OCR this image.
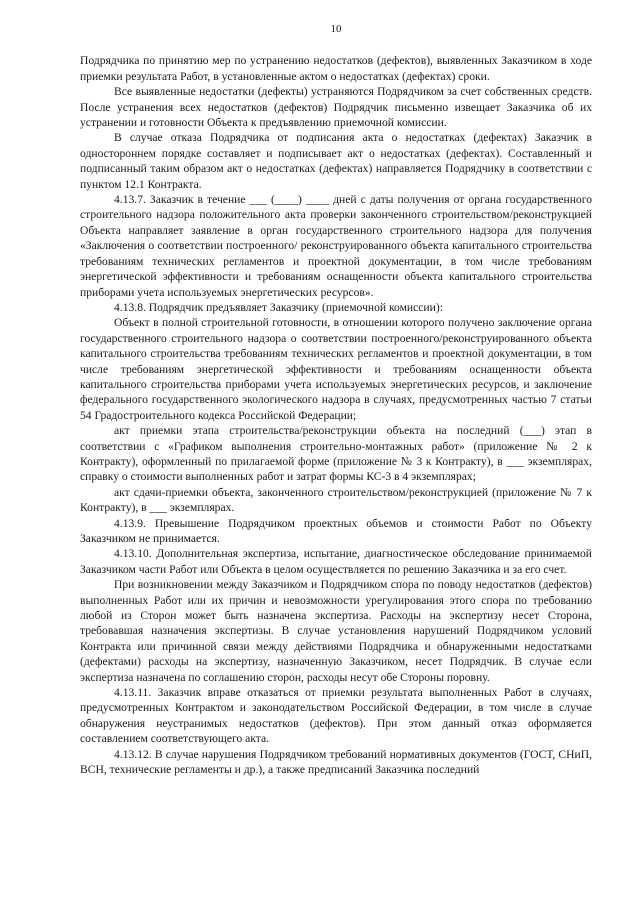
10

Подрядчика по принятию мер по устранению недостатков (дефектов), выявленных Заказчиком в ходе приемки результата Работ, в установленные актом о недостатках (дефектах) сроки.

Все выявленные недостатки (дефекты) устраняются Подрядчиком за счет собственных средств. После устранения всех недостатков (дефектов) Подрядчик письменно извещает Заказчика об их устранении и готовности Объекта к предъявлению приемочной комиссии.

В случае отказа Подрядчика от подписания акта о недостатках (дефектах) Заказчик в одностороннем порядке составляет и подписывает акт о недостатках (дефектах). Составленный и подписанный таким образом акт о недостатках (дефектах) направляется Подрядчику в соответствии с пунктом 12.1 Контракта.

4.13.7. Заказчик в течение ___ (____) ____ дней с даты получения от органа государственного строительного надзора положительного акта проверки законченного строительством/реконструкцией Объекта направляет заявление в орган государственного строительного надзора для получения «Заключения о соответствии построенного/ реконструированного объекта капитального строительства требованиям технических регламентов и проектной документации, в том числе требованиям энергетической эффективности и требованиям оснащенности объекта капитального строительства приборами учета используемых энергетических ресурсов».

4.13.8. Подрядчик предъявляет Заказчику (приемочной комиссии):

Объект в полной строительной готовности, в отношении которого получено заключение органа государственного строительного надзора о соответствии построенного/реконструированного объекта капитального строительства требованиям технических регламентов и проектной документации, в том числе требованиям энергетической эффективности и требованиям оснащенности объекта капитального строительства приборами учета используемых энергетических ресурсов, и заключение федерального государственного экологического надзора в случаях, предусмотренных частью 7 статьи 54 Градостроительного кодекса Российской Федерации;

акт приемки этапа строительства/реконструкции объекта на последний (___) этап в соответствии с «Графиком выполнения строительно-монтажных работ» (приложение № 2 к Контракту), оформленный по прилагаемой форме (приложение № 3 к Контракту), в ___ экземплярах, справку о стоимости выполненных работ и затрат формы КС-3 в 4 экземплярах;

акт сдачи-приемки объекта, законченного строительством/реконструкцией (приложение № 7 к Контракту), в ___ экземплярах.

4.13.9. Превышение Подрядчиком проектных объемов и стоимости Работ по Объекту Заказчиком не принимается.

4.13.10. Дополнительная экспертиза, испытание, диагностическое обследование принимаемой Заказчиком части Работ или Объекта в целом осуществляется по решению Заказчика и за его счет.

При возникновении между Заказчиком и Подрядчиком спора по поводу недостатков (дефектов) выполненных Работ или их причин и невозможности урегулирования этого спора по требованию любой из Сторон может быть назначена экспертиза. Расходы на экспертизу несет Сторона, требовавшая назначения экспертизы. В случае установления нарушений Подрядчиком условий Контракта или причинной связи между действиями Подрядчика и обнаруженными недостатками (дефектами) расходы на экспертизу, назначенную Заказчиком, несет Подрядчик. В случае если экспертиза назначена по соглашению сторон, расходы несут обе Стороны поровну.

4.13.11. Заказчик вправе отказаться от приемки результата выполненных Работ в случаях, предусмотренных Контрактом и законодательством Российской Федерации, в том числе в случае обнаружения неустранимых недостатков (дефектов). При этом данный отказ оформляется составлением соответствующего акта.

4.13.12. В случае нарушения Подрядчиком требований нормативных документов (ГОСТ, СНиП, ВСН, технические регламенты и др.), а также предписаний Заказчика последний
